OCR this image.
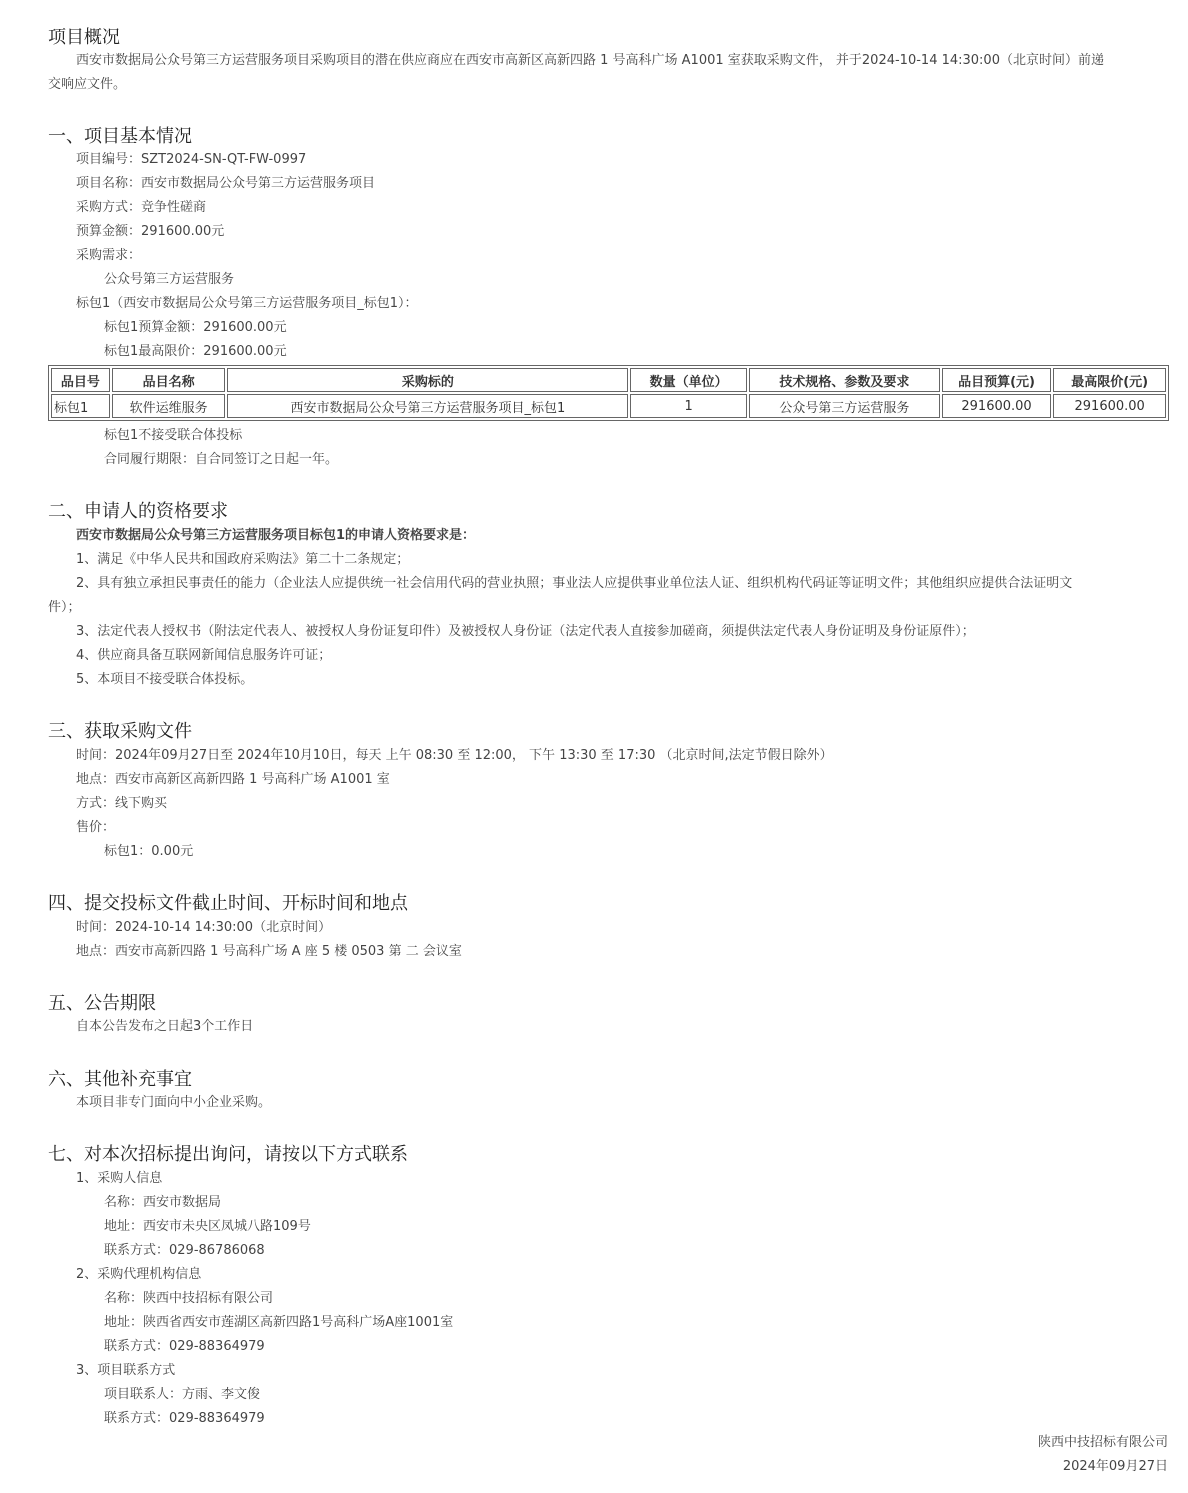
项目概况
西安市数据局公众号第三方运营服务项目采购项目的潜在供应商应在西安市高新区高新四路 1 号高科广场 A1001 室获取采购文件， 并于2024-10-14 14:30:00（北京时间）前递
交响应文件。
一、项目基本情况
项目编号：SZT2024-SN-QT-FW-0997
项目名称：西安市数据局公众号第三方运营服务项目
采购方式：竞争性磋商
预算金额：291600.00元
采购需求：
公众号第三方运营服务
标包1（西安市数据局公众号第三方运营服务项目_标包1）：
标包1预算金额：291600.00元
标包1最高限价：291600.00元
品目号	品目名称	采购标的	数量（单位）	技术规格、参数及要求	品目预算(元)	最高限价(元)
标包1	软件运维服务	西安市数据局公众号第三方运营服务项目_标包1	1	公众号第三方运营服务	291600.00	291600.00
标包1不接受联合体投标
合同履行期限：自合同签订之日起一年。
二、申请人的资格要求
西安市数据局公众号第三方运营服务项目标包1的申请人资格要求是：
1、满足《中华人民共和国政府采购法》第二十二条规定；
2、具有独立承担民事责任的能力（企业法人应提供统一社会信用代码的营业执照；事业法人应提供事业单位法人证、组织机构代码证等证明文件；其他组织应提供合法证明文
件）；
3、法定代表人授权书（附法定代表人、被授权人身份证复印件）及被授权人身份证（法定代表人直接参加磋商，须提供法定代表人身份证明及身份证原件）；
4、供应商具备互联网新闻信息服务许可证；
5、本项目不接受联合体投标。
三、获取采购文件
时间：2024年09月27日至 2024年10月10日，每天 上午 08:30 至 12:00， 下午 13:30 至 17:30 （北京时间,法定节假日除外）
地点：西安市高新区高新四路 1 号高科广场 A1001 室
方式：线下购买
售价：
标包1：0.00元
四、提交投标文件截止时间、开标时间和地点
时间：2024-10-14 14:30:00（北京时间）
地点：西安市高新四路 1 号高科广场 A 座 5 楼 0503 第 二 会议室
五、公告期限
自本公告发布之日起3个工作日
六、其他补充事宜
本项目非专门面向中小企业采购。
七、对本次招标提出询问，请按以下方式联系
1、采购人信息
名称：西安市数据局
地址：西安市未央区凤城八路109号
联系方式：029-86786068
2、采购代理机构信息
名称：陕西中技招标有限公司
地址：陕西省西安市莲湖区高新四路1号高科广场A座1001室
联系方式：029-88364979
3、项目联系方式
项目联系人：方雨、李文俊
联系方式：029-88364979
陕西中技招标有限公司
2024年09月27日
